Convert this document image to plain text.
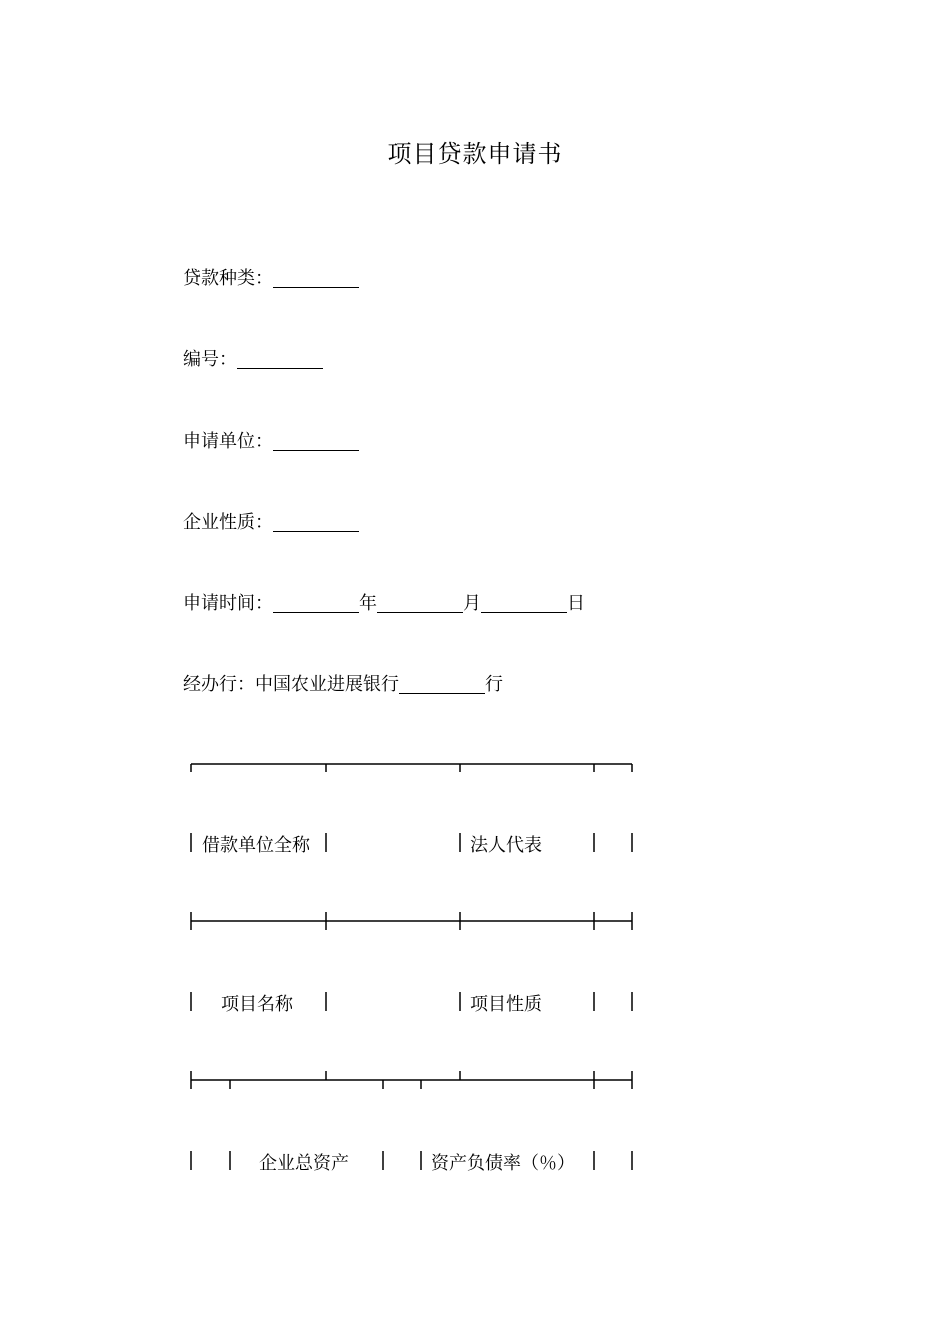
项目贷款申请书
贷款种类：
编号：
申请单位：
企业性质：
申请时间：	年	月	日
经办行：中国农业进展银行	行
借款单位全称	法人代表
项目名称	项目性质
企业总资产	资产负债率（％）
